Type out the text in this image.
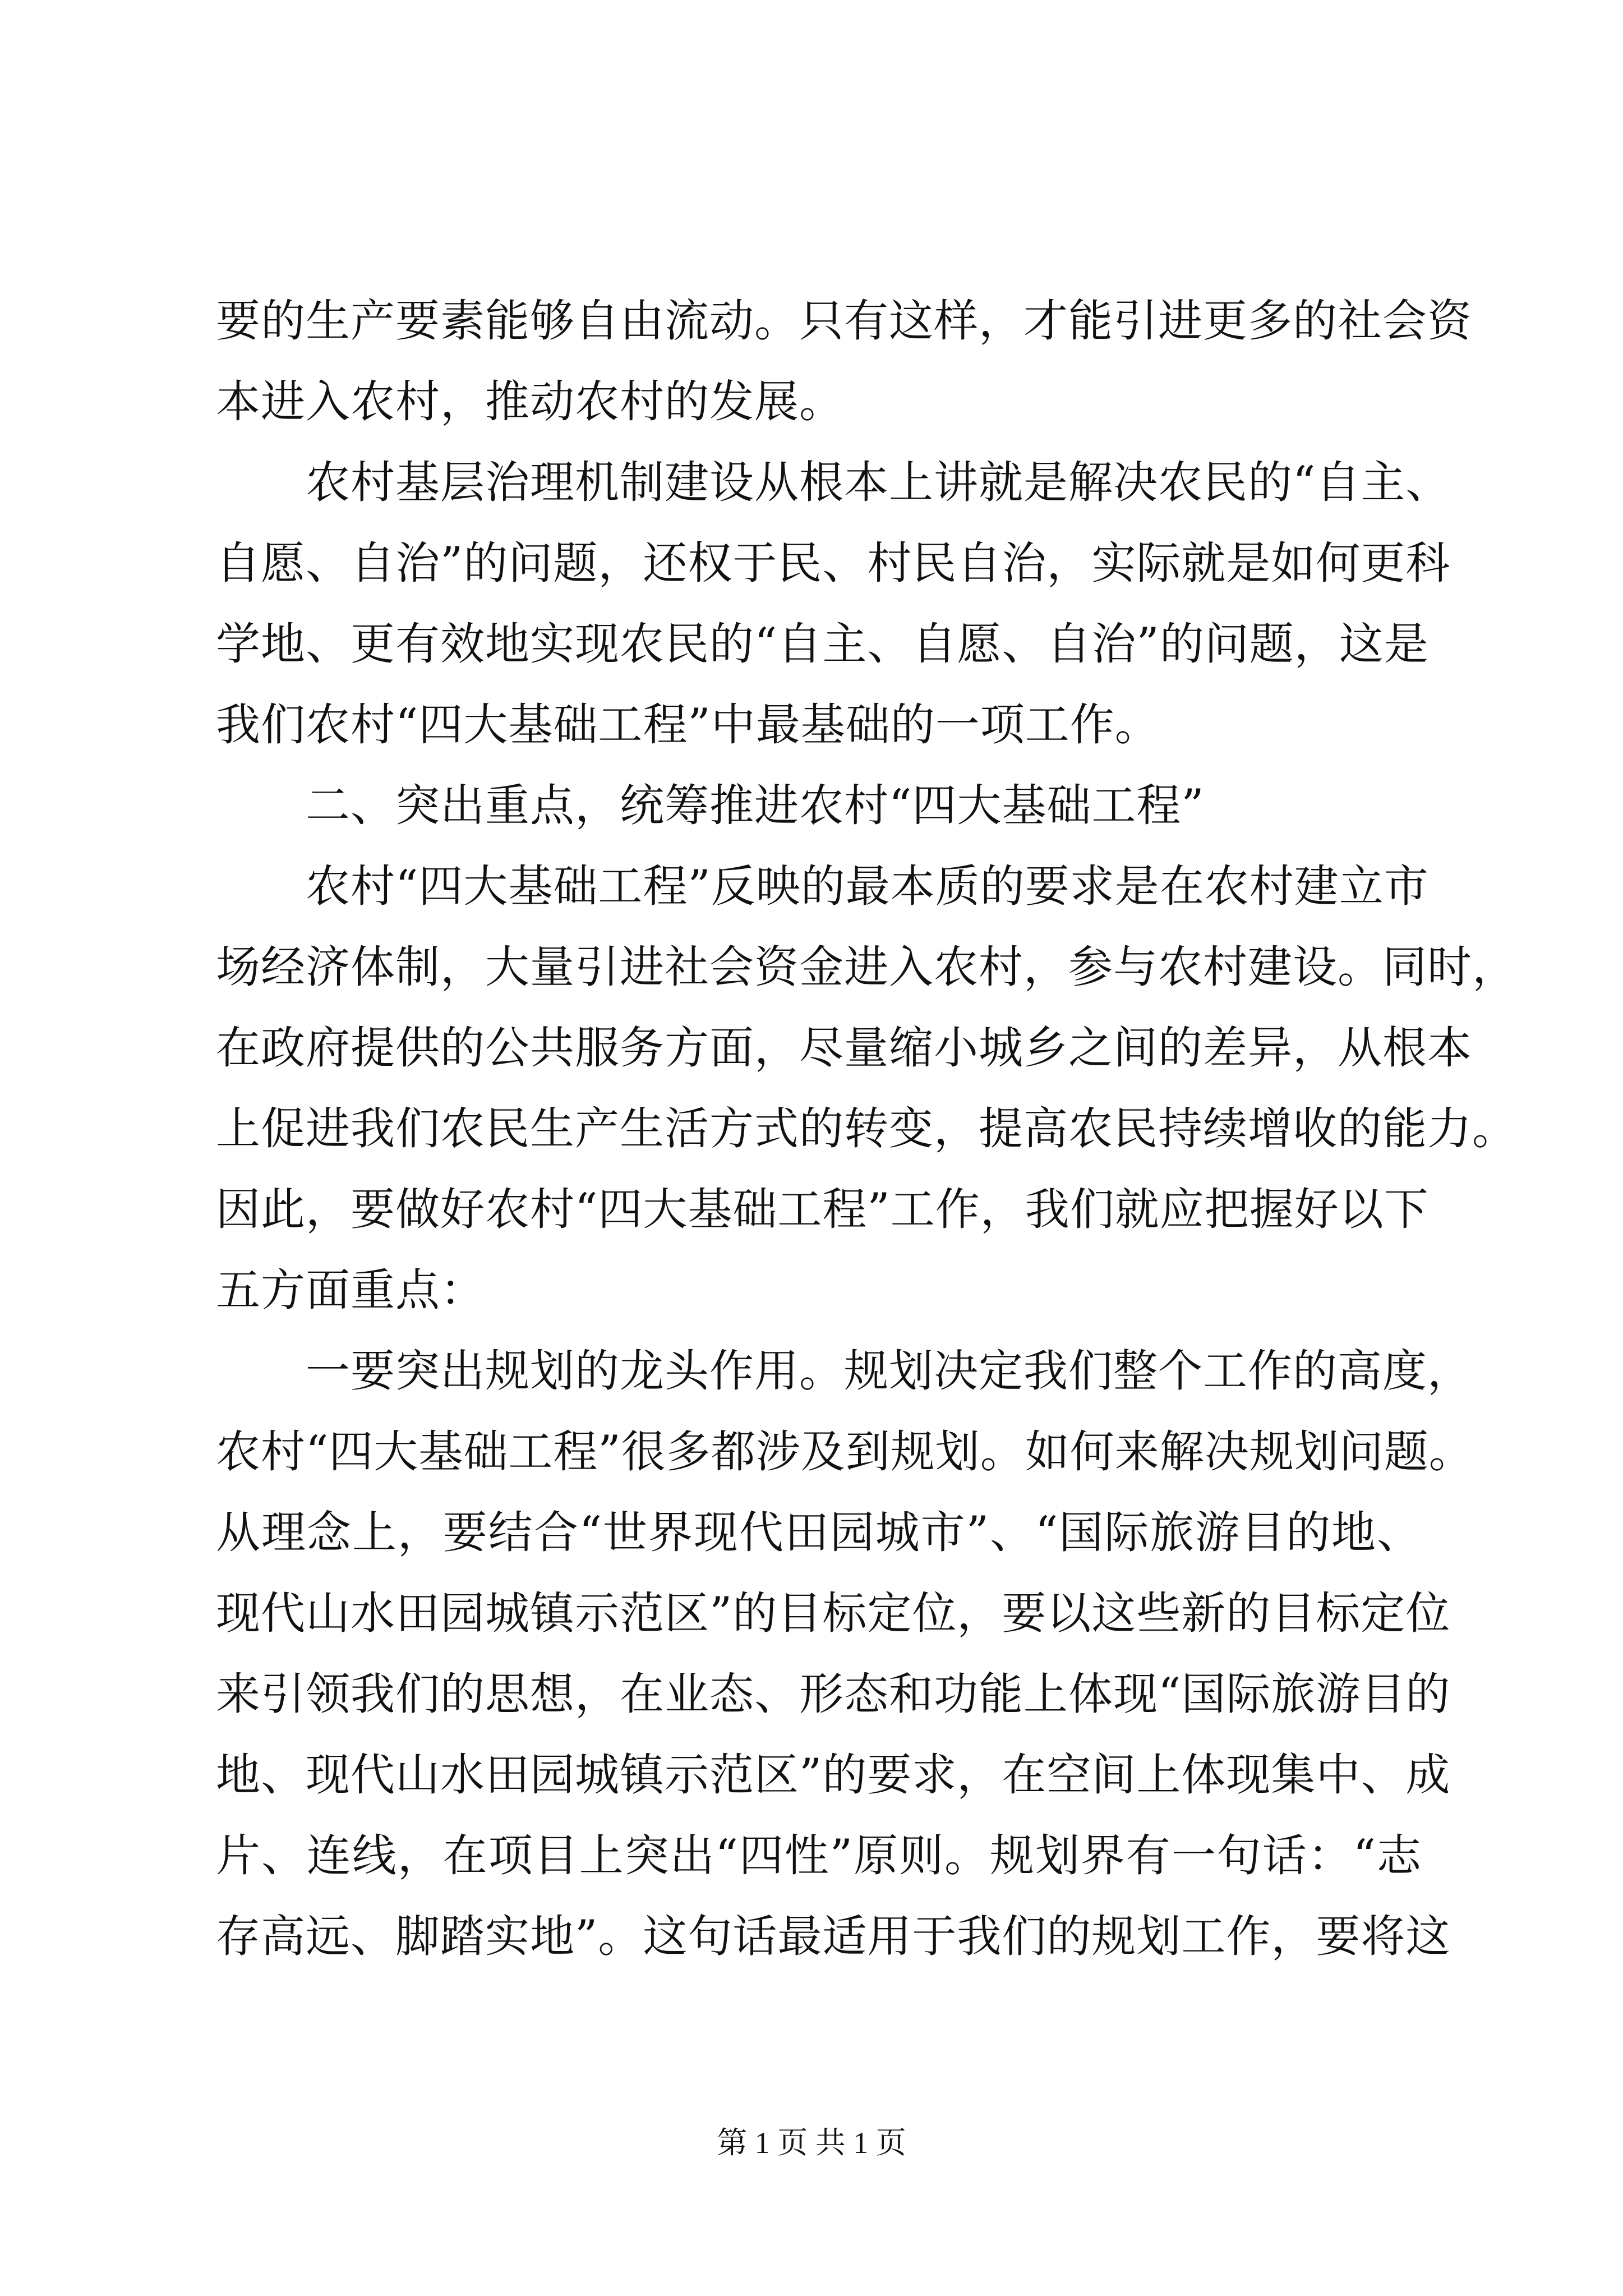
要的生产要素能够自由流动。只有这样，才能引进更多的社会资
本进入农村，推动农村的发展。
农村基层治理机制建设从根本上讲就是解决农民的“自主、
自愿、自治”的问题，还权于民、村民自治，实际就是如何更科
学地、更有效地实现农民的“自主、自愿、自治”的问题，这是
我们农村“四大基础工程”中最基础的一项工作。
二、突出重点，统筹推进农村“四大基础工程”
农村“四大基础工程”反映的最本质的要求是在农村建立市
场经济体制，大量引进社会资金进入农村，参与农村建设。同时，
在政府提供的公共服务方面，尽量缩小城乡之间的差异，从根本
上促进我们农民生产生活方式的转变，提高农民持续增收的能力。
因此，要做好农村“四大基础工程”工作，我们就应把握好以下
五方面重点：
一要突出规划的龙头作用。规划决定我们整个工作的高度，
农村“四大基础工程”很多都涉及到规划。如何来解决规划问题。
从理念上，要结合“世界现代田园城市”、“国际旅游目的地、
现代山水田园城镇示范区”的目标定位，要以这些新的目标定位
来引领我们的思想，在业态、形态和功能上体现“国际旅游目的
地、现代山水田园城镇示范区”的要求，在空间上体现集中、成
片、连线，在项目上突出“四性”原则。规划界有一句话：“志
存高远、脚踏实地”。这句话最适用于我们的规划工作，要将这
第 1 页 共 1 页
